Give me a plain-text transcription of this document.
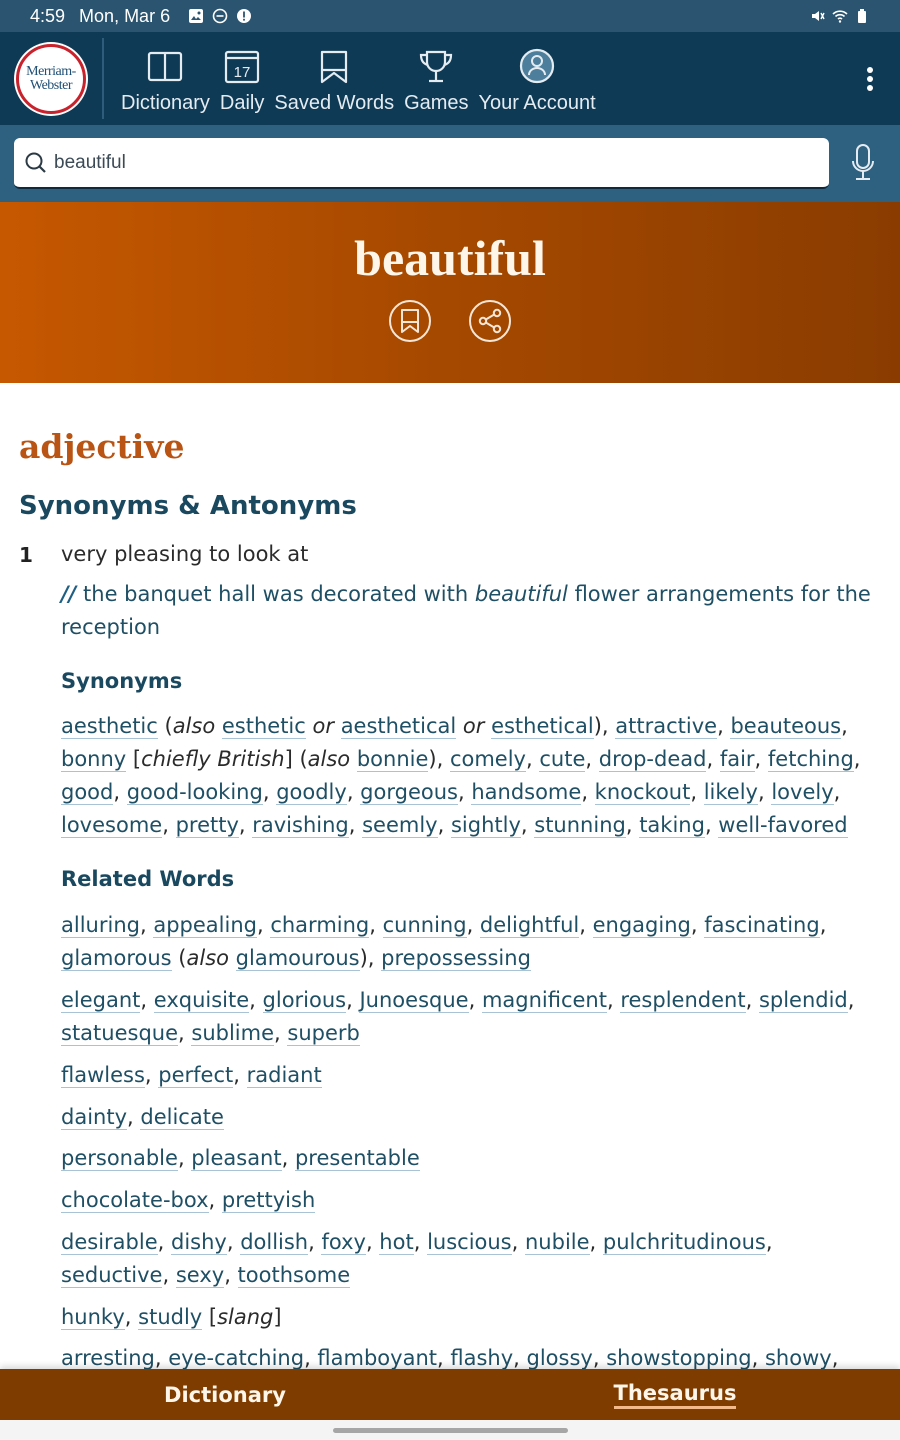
4:59 Mon, Mar 6
Merriam-
Webster
Dictionary
17
Daily Saved Words Games Your Account
beautiful
beautiful
adjective
Synonyms & Antonyms
1 very pleasing to look at
// the banquet hall was decorated with beautiful flower arrangements for the reception
Synonyms
aesthetic (also esthetic or aesthetical or esthetical), attractive, beauteous, bonny [chiefly British] (also bonnie), comely, cute, drop-dead, fair, fetching, good, good-looking, goodly, gorgeous, handsome, knockout, likely, lovely, lovesome, pretty, ravishing, seemly, sightly, stunning, taking, well-favored
Related Words
alluring, appealing, charming, cunning, delightful, engaging, fascinating, glamorous (also glamourous), prepossessing
elegant, exquisite, glorious, Junoesque, magnificent, resplendent, splendid, statuesque, sublime, superb
flawless, perfect, radiant
dainty, delicate
personable, pleasant, presentable
chocolate-box, prettyish
desirable, dishy, dollish, foxy, hot, luscious, nubile, pulchritudinous, seductive, sexy, toothsome
hunky, studly [slang]
arresting, eye-catching, flamboyant, flashy, glossy, showstopping, showy,
Dictionary	Thesaurus
